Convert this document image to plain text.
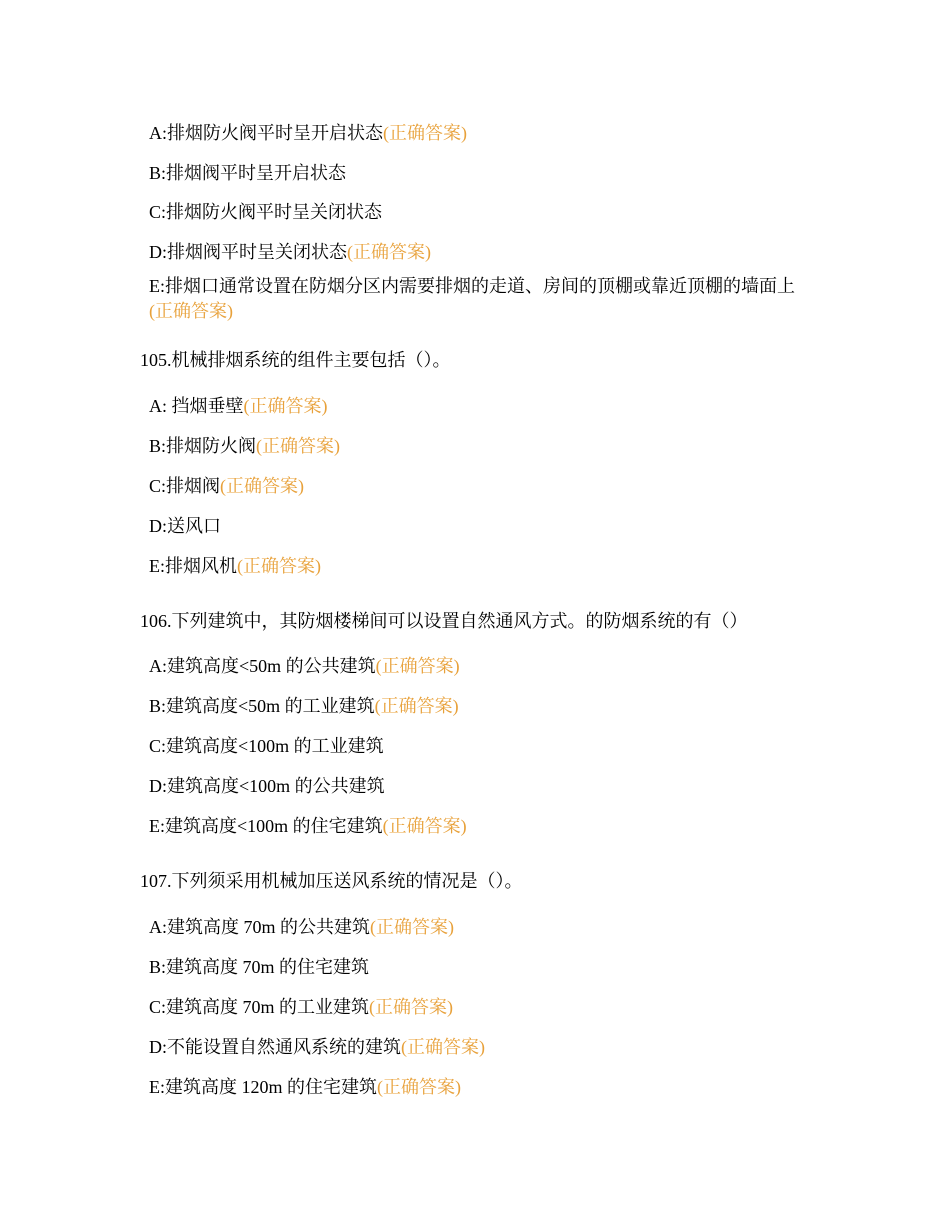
A:排烟防火阀平时呈开启状态(正确答案)
B:排烟阀平时呈开启状态
C:排烟防火阀平时呈关闭状态
D:排烟阀平时呈关闭状态(正确答案)
E:排烟口通常设置在防烟分区内需要排烟的走道、房间的顶棚或靠近顶棚的墙面上(正确答案)
105.机械排烟系统的组件主要包括（）。
A: 挡烟垂壁(正确答案)
B:排烟防火阀(正确答案)
C:排烟阀(正确答案)
D:送风口
E:排烟风机(正确答案)
106.下列建筑中，其防烟楼梯间可以设置自然通风方式。的防烟系统的有（）
A:建筑高度<50m 的公共建筑(正确答案)
B:建筑高度<50m 的工业建筑(正确答案)
C:建筑高度<100m 的工业建筑
D:建筑高度<100m 的公共建筑
E:建筑高度<100m 的住宅建筑(正确答案)
107.下列须采用机械加压送风系统的情况是（）。
A:建筑高度 70m 的公共建筑(正确答案)
B:建筑高度 70m 的住宅建筑
C:建筑高度 70m 的工业建筑(正确答案)
D:不能设置自然通风系统的建筑(正确答案)
E:建筑高度 120m 的住宅建筑(正确答案)
